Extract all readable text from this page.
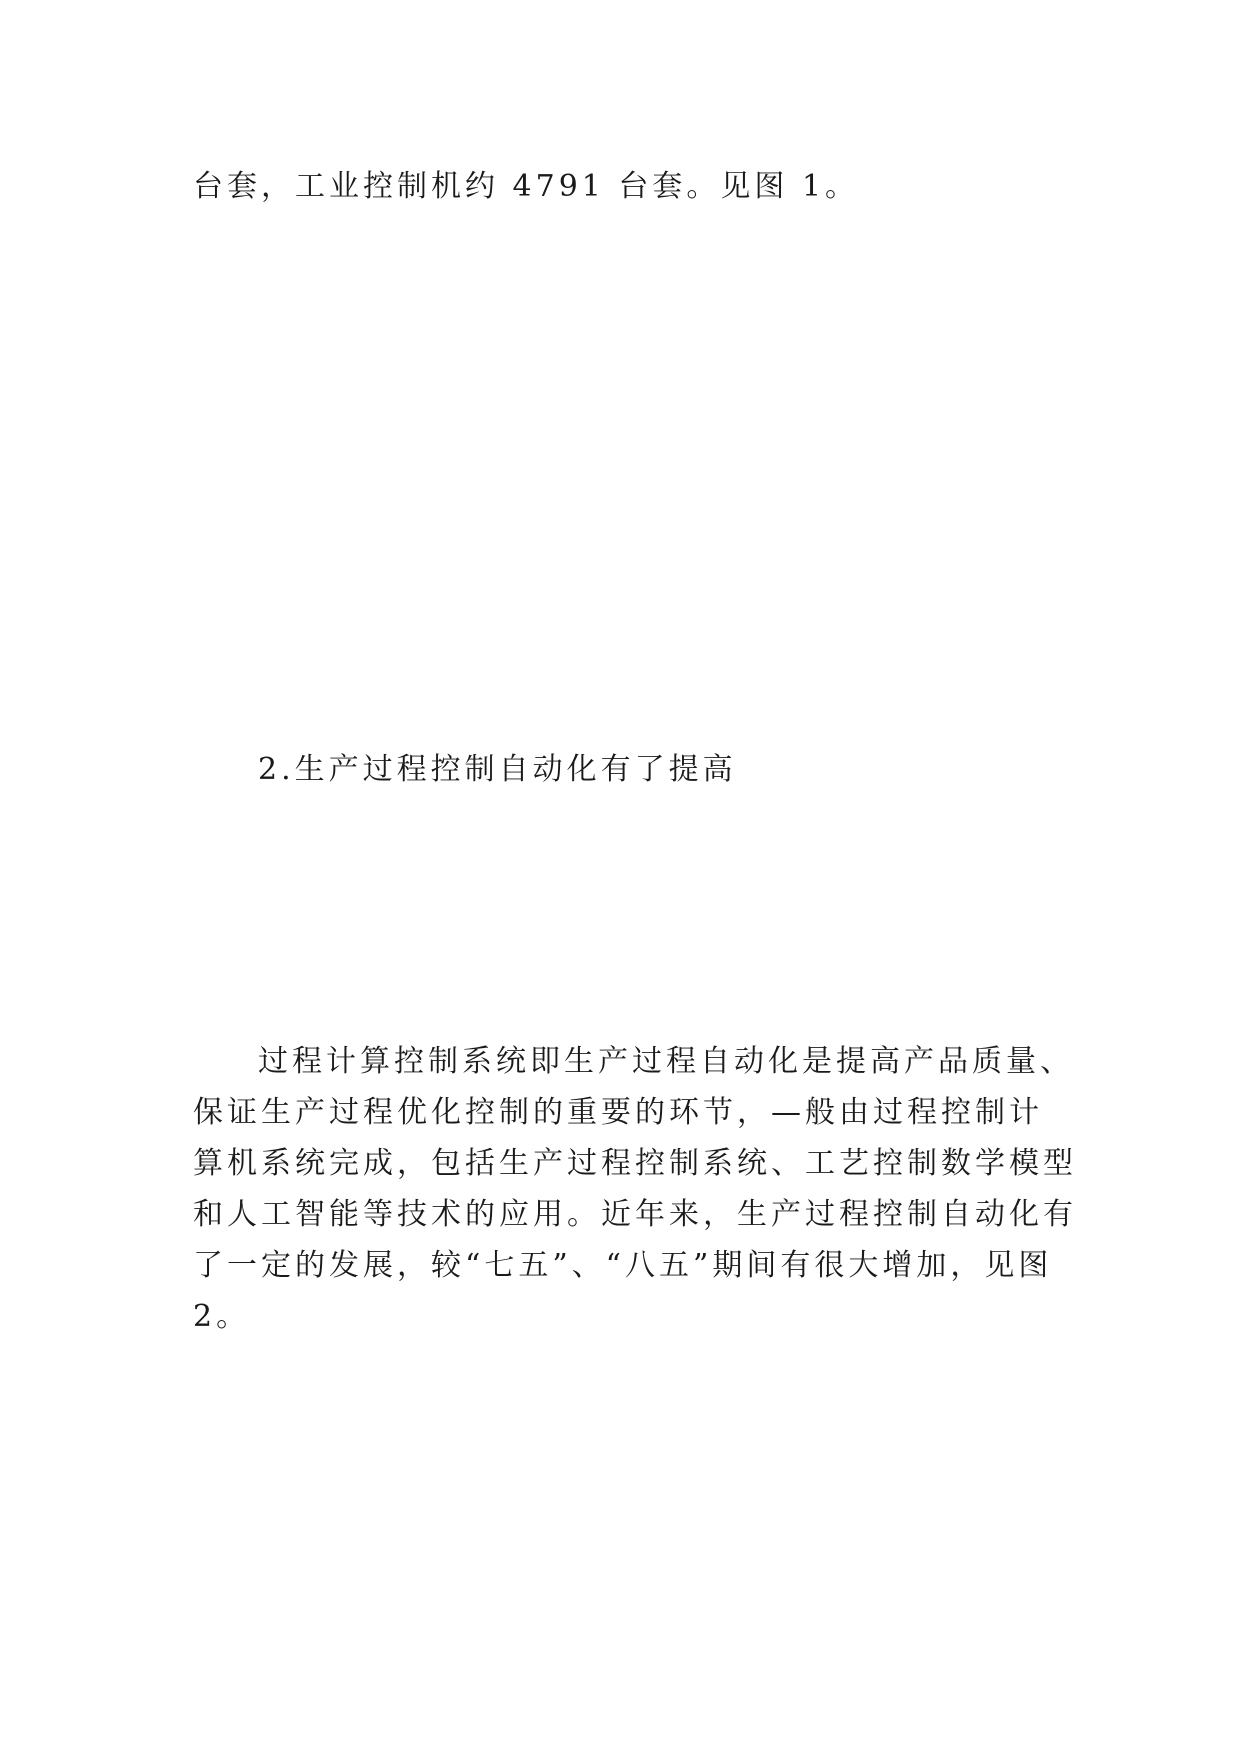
台套，工业控制机约 4791 台套。见图 1。

2.生产过程控制自动化有了提高

过程计算控制系统即生产过程自动化是提高产品质量、

保证生产过程优化控制的重要的环节，—般由过程控制计

算机系统完成，包括生产过程控制系统、工艺控制数学模型

和人工智能等技术的应用。近年来，生产过程控制自动化有

了一定的发展，较“七五”、“八五”期间有很大增加，见图

2。
